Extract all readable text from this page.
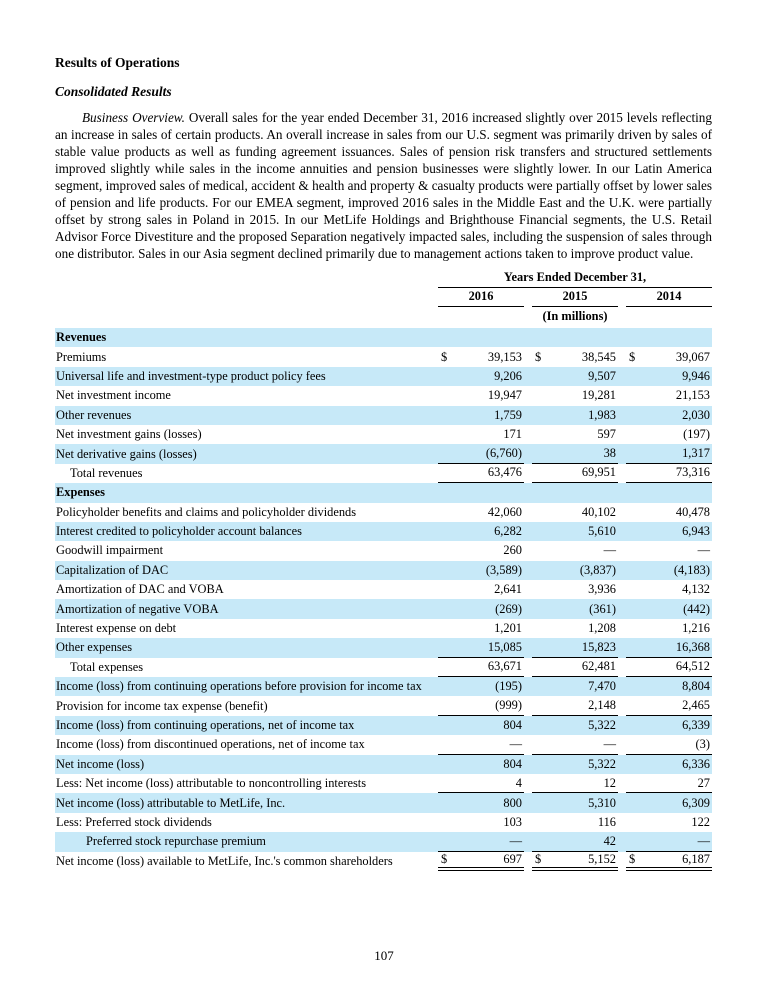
Results of Operations
Consolidated Results

Business Overview. Overall sales for the year ended December 31, 2016 increased slightly over 2015 levels reflecting an increase in sales of certain products. An overall increase in sales from our U.S. segment was primarily driven by sales of stable value products as well as funding agreement issuances. Sales of pension risk transfers and structured settlements improved slightly while sales in the income annuities and pension businesses were slightly lower. In our Latin America segment, improved sales of medical, accident & health and property & casualty products were partially offset by lower sales of pension and life products. For our EMEA segment, improved 2016 sales in the Middle East and the U.K. were partially offset by strong sales in Poland in 2015. In our MetLife Holdings and Brighthouse Financial segments, the U.S. Retail Advisor Force Divestiture and the proposed Separation negatively impacted sales, including the suspension of sales through one distributor. Sales in our Asia segment declined primarily due to management actions taken to improve product value.

Years Ended December 31,
2016	2015	2014
(In millions)
Revenues
Premiums	$	39,153 $	38,545 $	39,067
Universal life and investment-type product policy fees	9,206	9,507	9,946
Net investment income	19,947	19,281	21,153
Other revenues	1,759	1,983	2,030
Net investment gains (losses)	171	597	(197)
Net derivative gains (losses)	(6,760)	38	1,317
Total revenues	63,476	69,951	73,316
Expenses
Policyholder benefits and claims and policyholder dividends	42,060	40,102	40,478
Interest credited to policyholder account balances	6,282	5,610	6,943
Goodwill impairment	260	—	—
Capitalization of DAC	(3,589)	(3,837)	(4,183)
Amortization of DAC and VOBA	2,641	3,936	4,132
Amortization of negative VOBA	(269)	(361)	(442)
Interest expense on debt	1,201	1,208	1,216
Other expenses	15,085	15,823	16,368
Total expenses	63,671	62,481	64,512
Income (loss) from continuing operations before provision for income tax	(195)	7,470	8,804
Provision for income tax expense (benefit)	(999)	2,148	2,465
Income (loss) from continuing operations, net of income tax	804	5,322	6,339
Income (loss) from discontinued operations, net of income tax	—	—	(3)
Net income (loss)	804	5,322	6,336
Less: Net income (loss) attributable to noncontrolling interests	4	12	27
Net income (loss) attributable to MetLife, Inc.	800	5,310	6,309
Less: Preferred stock dividends	103	116	122
Preferred stock repurchase premium	—	42	—
Net income (loss) available to MetLife, Inc.'s common shareholders	$	697 $	5,152 $	6,187
107
